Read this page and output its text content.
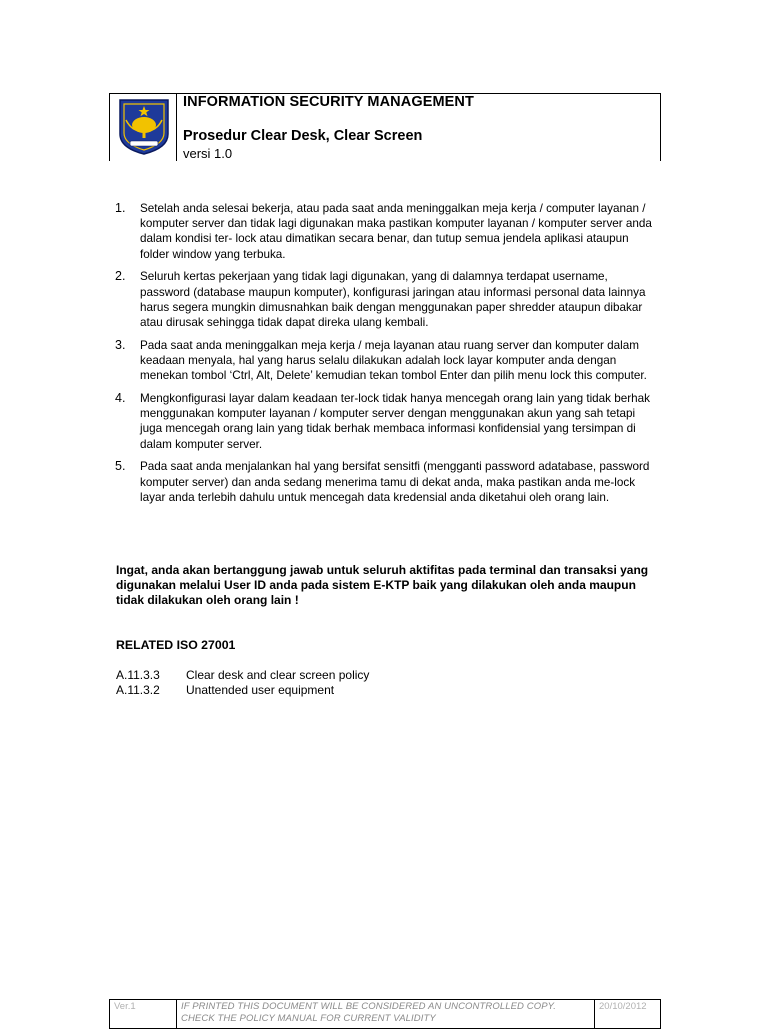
INFORMATION SECURITY MANAGEMENT
Prosedur Clear Desk, Clear Screen
versi 1.0
1. Setelah anda selesai bekerja, atau pada saat anda meninggalkan meja kerja / computer layanan / komputer server dan tidak lagi digunakan maka pastikan komputer layanan / komputer server anda dalam kondisi ter- lock atau dimatikan secara benar, dan tutup semua jendela aplikasi ataupun folder window yang terbuka.
2. Seluruh kertas pekerjaan yang tidak lagi digunakan, yang di dalamnya terdapat username, password (database maupun komputer), konfigurasi jaringan atau informasi personal data lainnya harus segera mungkin dimusnahkan baik dengan menggunakan paper shredder ataupun dibakar atau dirusak sehingga tidak dapat direka ulang kembali.
3. Pada saat anda meninggalkan meja kerja / meja layanan atau ruang server dan komputer dalam keadaan menyala, hal yang harus selalu dilakukan adalah lock layar komputer anda dengan menekan tombol ‘Ctrl, Alt, Delete’ kemudian tekan tombol Enter dan pilih menu lock this computer.
4. Mengkonfigurasi layar dalam keadaan ter-lock tidak hanya mencegah orang lain yang tidak berhak menggunakan komputer layanan / komputer server dengan menggunakan akun yang sah tetapi juga mencegah orang lain yang tidak berhak membaca informasi konfidensial yang tersimpan di dalam komputer server.
5. Pada saat anda menjalankan hal yang bersifat sensitfi (mengganti password adatabase, password komputer server) dan anda sedang menerima tamu di dekat anda, maka pastikan anda me-lock layar anda terlebih dahulu untuk mencegah data kredensial anda diketahui oleh orang lain.
Ingat, anda akan bertanggung jawab untuk seluruh aktifitas pada terminal dan transaksi yang digunakan melalui User ID anda pada sistem E-KTP baik yang dilakukan oleh anda maupun tidak dilakukan oleh orang lain !
RELATED ISO 27001
A.11.3.3	Clear desk and clear screen policy
A.11.3.2	Unattended user equipment
Ver.1	IF PRINTED THIS DOCUMENT WILL BE CONSIDERED AN UNCONTROLLED COPY.
CHECK THE POLICY MANUAL FOR CURRENT VALIDITY
20/10/2012
